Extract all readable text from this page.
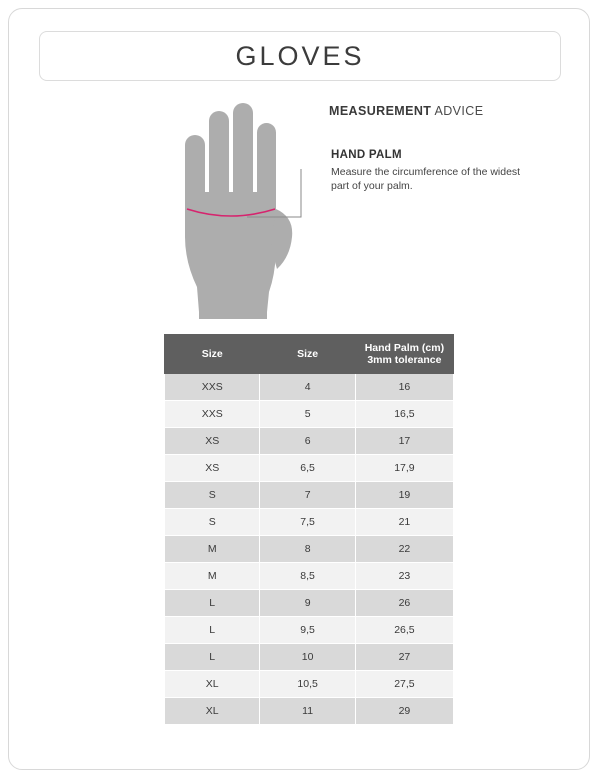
GLOVES
MEASUREMENT ADVICE
HAND PALM
Measure the circumference of the widest part of your palm.
Size	Size	Hand Palm (cm)
3mm tolerance
XXS	4	16
XXS	5	16,5
XS	6	17
XS	6,5	17,9
S	7	19
S	7,5	21
M	8	22
M	8,5	23
L	9	26
L	9,5	26,5
L	10	27
XL	10,5	27,5
XL	11	29
